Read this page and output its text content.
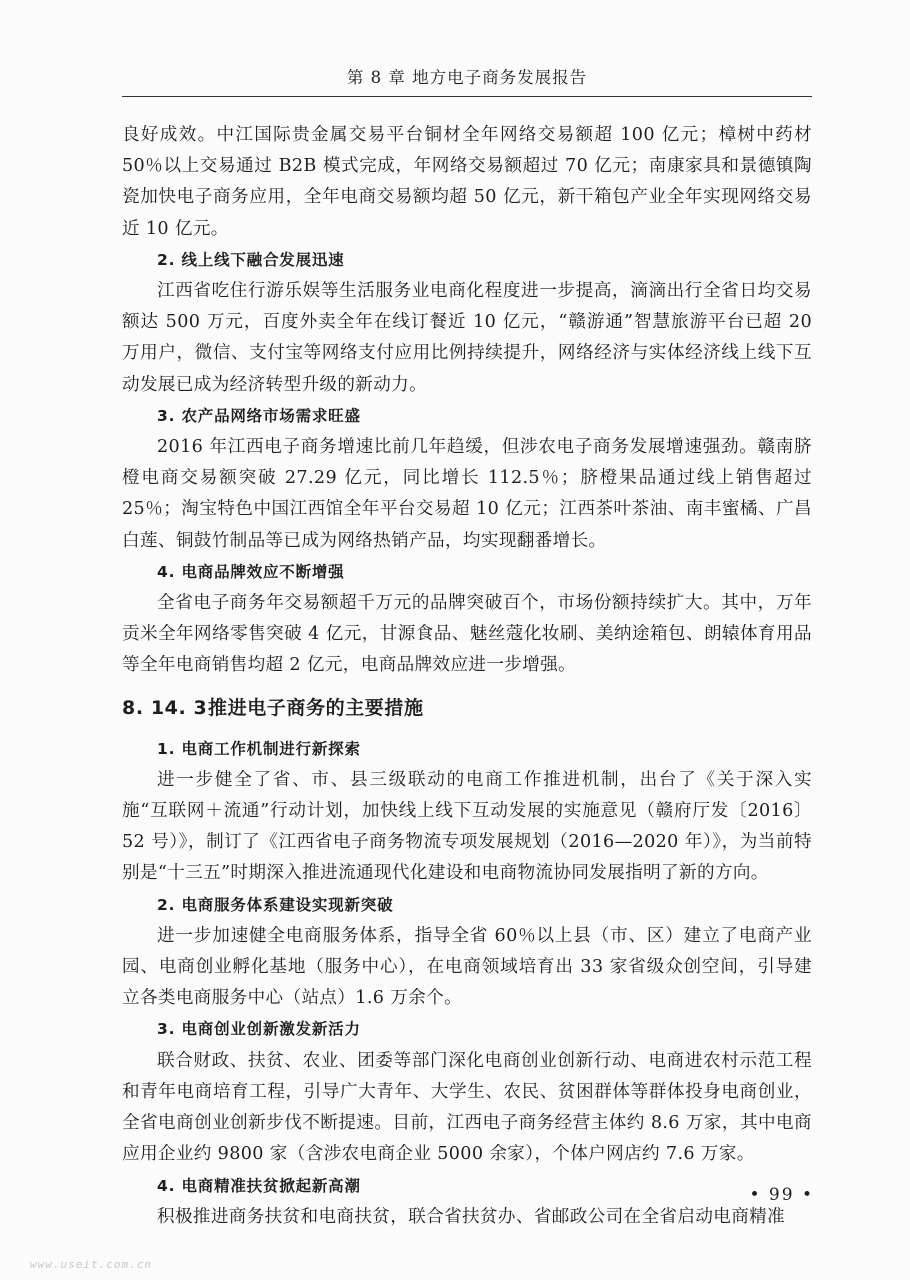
第 8 章 地方电子商务发展报告

良好成效。中江国际贵金属交易平台铜材全年网络交易额超 100 亿元；樟树中药材 50％以上交易通过 B2B 模式完成，年网络交易额超过 70 亿元；南康家具和景德镇陶瓷加快电子商务应用，全年电商交易额均超 50 亿元，新干箱包产业全年实现网络交易近 10 亿元。

2. 线上线下融合发展迅速

江西省吃住行游乐娱等生活服务业电商化程度进一步提高，滴滴出行全省日均交易额达 500 万元，百度外卖全年在线订餐近 10 亿元，“赣游通”智慧旅游平台已超 20 万用户，微信、支付宝等网络支付应用比例持续提升，网络经济与实体经济线上线下互动发展已成为经济转型升级的新动力。

3. 农产品网络市场需求旺盛

2016 年江西电子商务增速比前几年趋缓，但涉农电子商务发展增速强劲。赣南脐橙电商交易额突破 27.29 亿元，同比增长 112.5％；脐橙果品通过线上销售超过 25％；淘宝特色中国江西馆全年平台交易超 10 亿元；江西茶叶茶油、南丰蜜橘、广昌白莲、铜鼓竹制品等已成为网络热销产品，均实现翻番增长。

4. 电商品牌效应不断增强

全省电子商务年交易额超千万元的品牌突破百个，市场份额持续扩大。其中，万年贡米全年网络零售突破 4 亿元，甘源食品、魅丝蔻化妆刷、美纳途箱包、朗辕体育用品等全年电商销售均超 2 亿元，电商品牌效应进一步增强。

8. 14. 3推进电子商务的主要措施
1. 电商工作机制进行新探索

进一步健全了省、市、县三级联动的电商工作推进机制，出台了《关于深入实施“互联网＋流通”行动计划，加快线上线下互动发展的实施意见（赣府厅发〔2016〕52 号）》，制订了《江西省电子商务物流专项发展规划（2016—2020 年）》，为当前特别是“十三五”时期深入推进流通现代化建设和电商物流协同发展指明了新的方向。

2. 电商服务体系建设实现新突破

进一步加速健全电商服务体系，指导全省 60％以上县（市、区）建立了电商产业园、电商创业孵化基地（服务中心），在电商领域培育出 33 家省级众创空间，引导建立各类电商服务中心（站点）1.6 万余个。

3. 电商创业创新激发新活力

联合财政、扶贫、农业、团委等部门深化电商创业创新行动、电商进农村示范工程和青年电商培育工程，引导广大青年、大学生、农民、贫困群体等群体投身电商创业，全省电商创业创新步伐不断提速。目前，江西电子商务经营主体约 8.6 万家，其中电商应用企业约 9800 家（含涉农电商企业 5000 余家），个体户网店约 7.6 万家。

4. 电商精准扶贫掀起新高潮

积极推进商务扶贫和电商扶贫，联合省扶贫办、省邮政公司在全省启动电商精准

• 99 •
www.useit.com.cn
